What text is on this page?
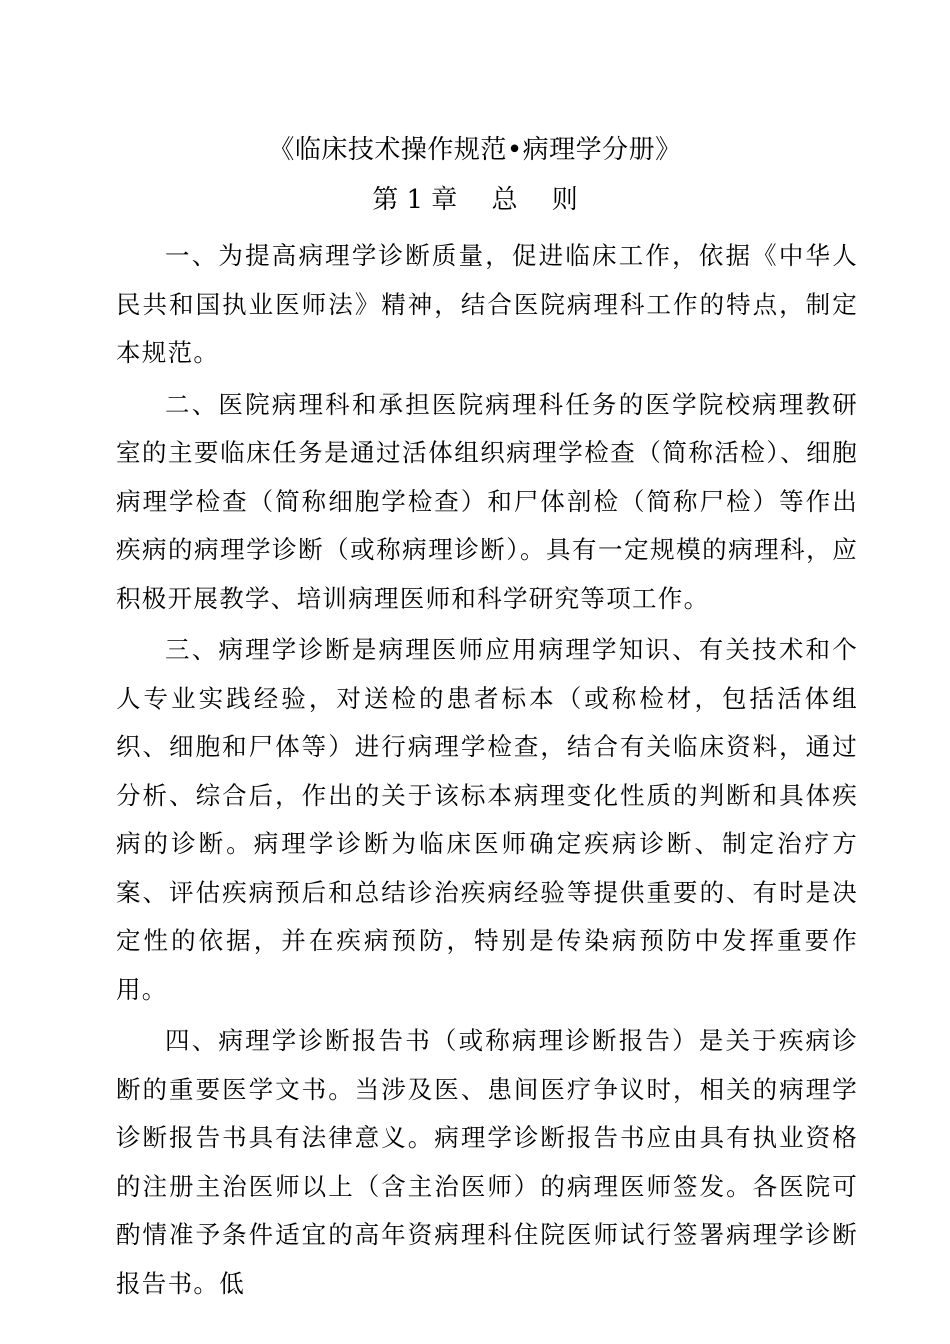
《临床技术操作规范•病理学分册》
第 1 章　 总　 则

一、为提高病理学诊断质量，促进临床工作，依据《中华人民共和国执业医师法》精神，结合医院病理科工作的特点，制定本规范。

二、医院病理科和承担医院病理科任务的医学院校病理教研室的主要临床任务是通过活体组织病理学检查（简称活检）、细胞病理学检查（简称细胞学检查）和尸体剖检（简称尸检）等作出疾病的病理学诊断（或称病理诊断）。具有一定规模的病理科，应积极开展教学、培训病理医师和科学研究等项工作。

三、病理学诊断是病理医师应用病理学知识、有关技术和个人专业实践经验，对送检的患者标本（或称检材，包括活体组织、细胞和尸体等）进行病理学检查，结合有关临床资料，通过分析、综合后，作出的关于该标本病理变化性质的判断和具体疾病的诊断。病理学诊断为临床医师确定疾病诊断、制定治疗方案、评估疾病预后和总结诊治疾病经验等提供重要的、有时是决定性的依据，并在疾病预防，特别是传染病预防中发挥重要作用。

四、病理学诊断报告书（或称病理诊断报告）是关于疾病诊断的重要医学文书。当涉及医、患间医疗争议时，相关的病理学诊断报告书具有法律意义。病理学诊断报告书应由具有执业资格的注册主治医师以上（含主治医师）的病理医师签发。各医院可酌情准予条件适宜的高年资病理科住院医师试行签署病理学诊断报告书。低
